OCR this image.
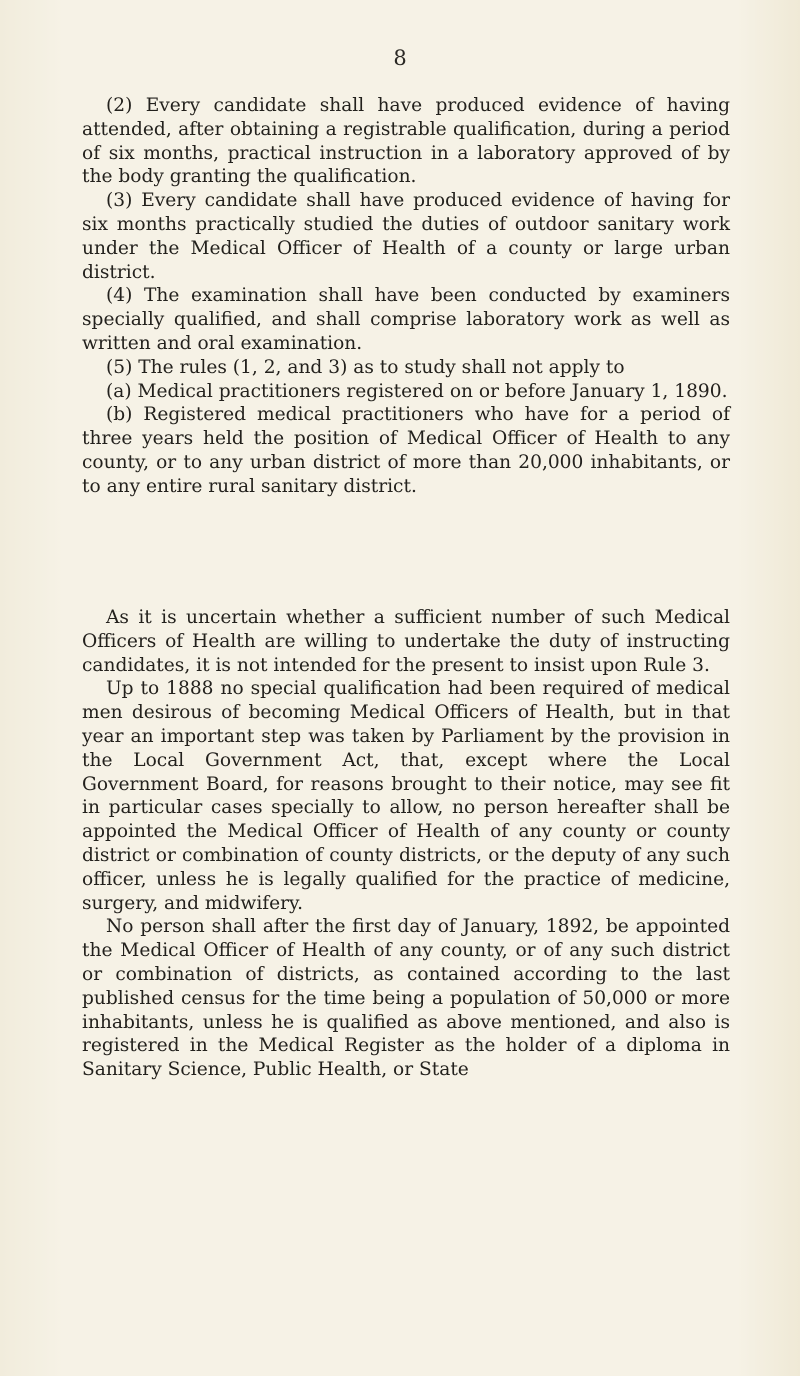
8

(2) Every candidate shall have produced evidence of having attended, after obtaining a registrable qualification, during a period of six months, practical instruction in a laboratory approved of by the body granting the qualification.

(3) Every candidate shall have produced evidence of having for six months practically studied the duties of outdoor sanitary work under the Medical Officer of Health of a county or large urban district.

(4) The examination shall have been conducted by examiners specially qualified, and shall comprise laboratory work as well as written and oral examination.

(5) The rules (1, 2, and 3) as to study shall not apply to

(a) Medical practitioners registered on or before January 1, 1890.

(b) Registered medical practitioners who have for a period of three years held the position of Medical Officer of Health to any county, or to any urban district of more than 20,000 inhabitants, or to any entire rural sanitary district.

As it is uncertain whether a sufficient number of such Medical Officers of Health are willing to undertake the duty of instructing candidates, it is not intended for the present to insist upon Rule 3.

Up to 1888 no special qualification had been required of medical men desirous of becoming Medical Officers of Health, but in that year an important step was taken by Parliament by the provision in the Local Government Act, that, except where the Local Government Board, for reasons brought to their notice, may see fit in particular cases specially to allow, no person hereafter shall be appointed the Medical Officer of Health of any county or county district or combination of county districts, or the deputy of any such officer, unless he is legally qualified for the practice of medicine, surgery, and midwifery.

No person shall after the first day of January, 1892, be appointed the Medical Officer of Health of any county, or of any such district or combination of districts, as contained according to the last published census for the time being a population of 50,000 or more inhabitants, unless he is qualified as above mentioned, and also is registered in the Medical Register as the holder of a diploma in Sanitary Science, Public Health, or State
